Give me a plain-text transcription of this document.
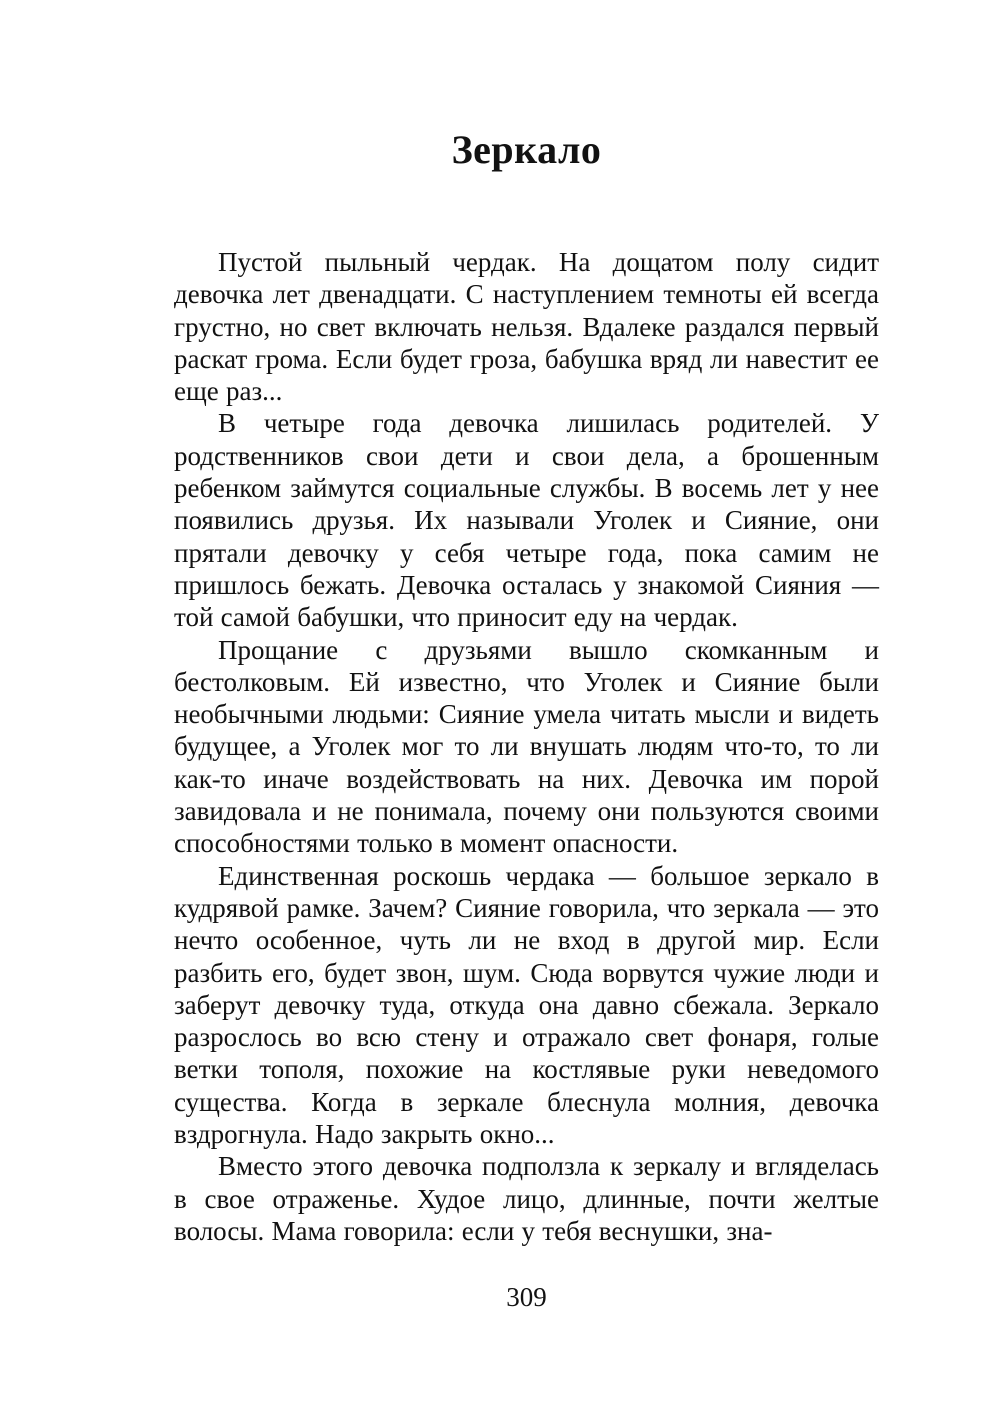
Зеркало

Пустой пыльный чердак. На дощатом полу сидит девочка лет двенадцати. С наступлением темноты ей всегда грустно, но свет включать нельзя. Вдалеке раздался первый раскат грома. Если будет гроза, бабушка вряд ли навестит ее еще раз...

В четыре года девочка лишилась родителей. У родственников свои дети и свои дела, а брошенным ребенком займутся социальные службы. В восемь лет у нее появились друзья. Их называли Уголек и Сияние, они прятали девочку у себя четыре года, пока самим не пришлось бежать. Девочка осталась у знакомой Сияния — той самой бабушки, что приносит еду на чердак.

Прощание с друзьями вышло скомканным и бестолковым. Ей известно, что Уголек и Сияние были необычными людьми: Сияние умела читать мысли и видеть будущее, а Уголек мог то ли внушать людям что-то, то ли как-то иначе воздействовать на них. Девочка им порой завидовала и не понимала, почему они пользуются своими способностями только в момент опасности.

Единственная роскошь чердака — большое зеркало в кудрявой рамке. Зачем? Сияние говорила, что зеркала — это нечто особенное, чуть ли не вход в другой мир. Если разбить его, будет звон, шум. Сюда ворвутся чужие люди и заберут девочку туда, откуда она давно сбежала. Зеркало разрослось во всю стену и отражало свет фонаря, голые ветки тополя, похожие на костлявые руки неведомого существа. Когда в зеркале блеснула молния, девочка вздрогнула. Надо закрыть окно...

Вместо этого девочка подползла к зеркалу и вгляделась в свое отраженье. Худое лицо, длинные, почти желтые волосы. Мама говорила: если у тебя веснушки, зна-

309
